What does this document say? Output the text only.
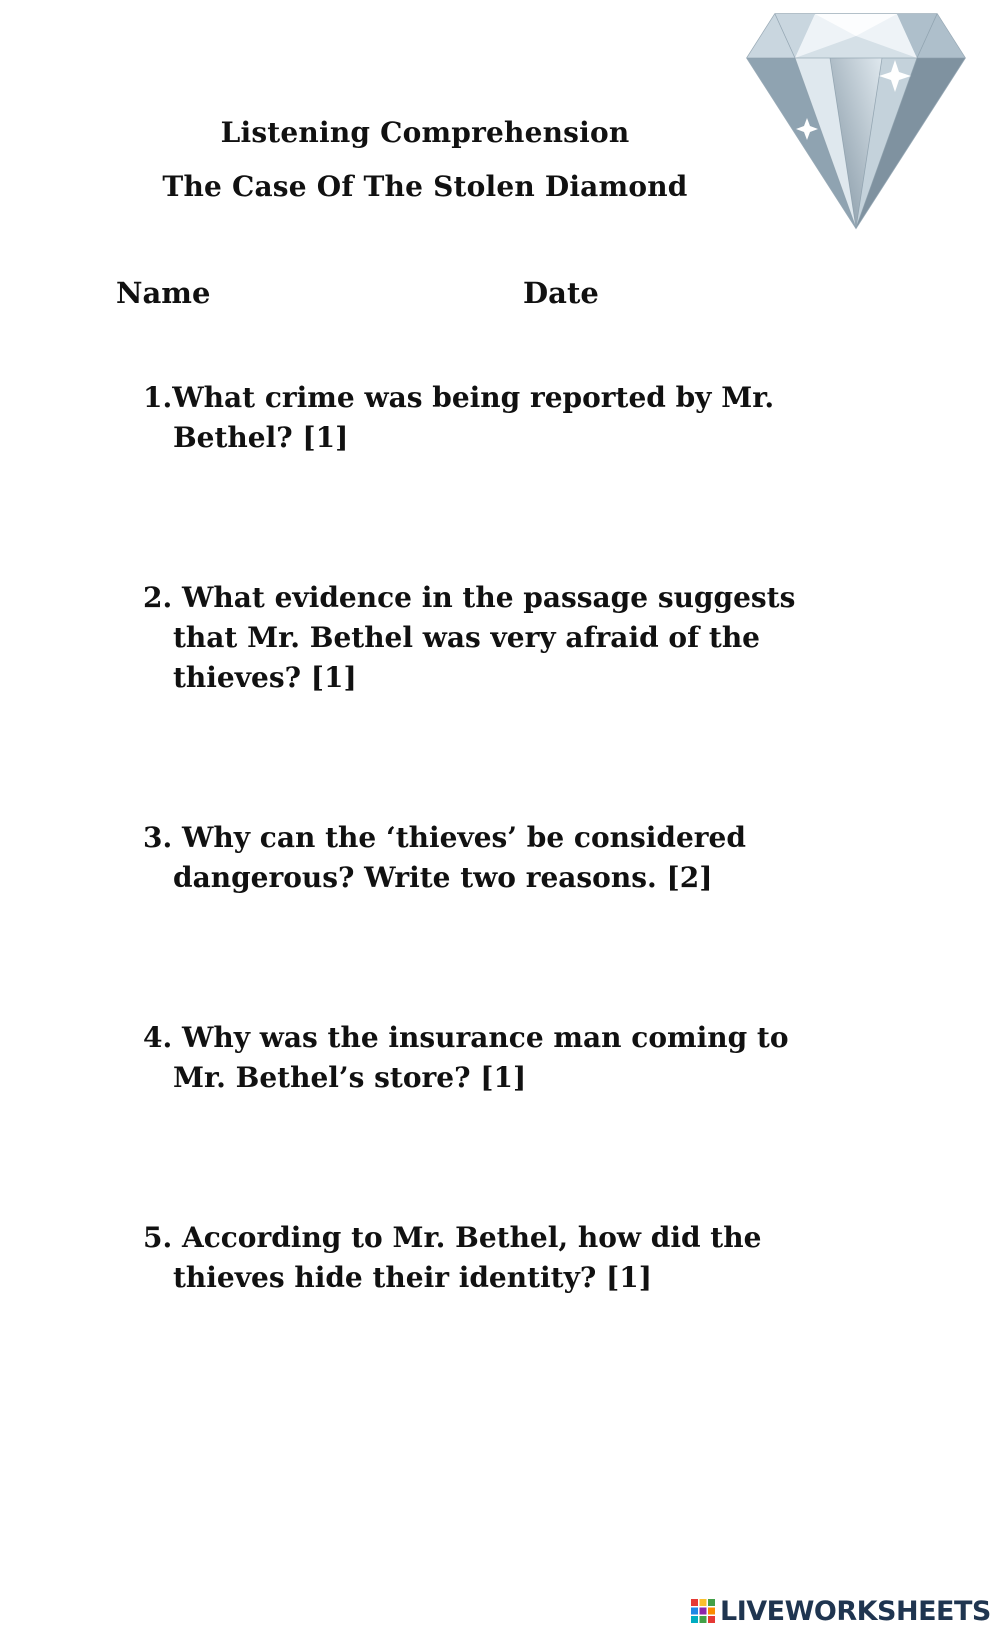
Listening Comprehension
The Case Of The Stolen Diamond
Name	Date
1.What crime was being reported by Mr.
Bethel? [1]
2. What evidence in the passage suggests
that Mr. Bethel was very afraid of the
thieves? [1]
3. Why can the ‘thieves’ be considered
dangerous? Write two reasons. [2]
4. Why was the insurance man coming to
Mr. Bethel’s store? [1]
5. According to Mr. Bethel, how did the
thieves hide their identity? [1]
LIVEWORKSHEETS
